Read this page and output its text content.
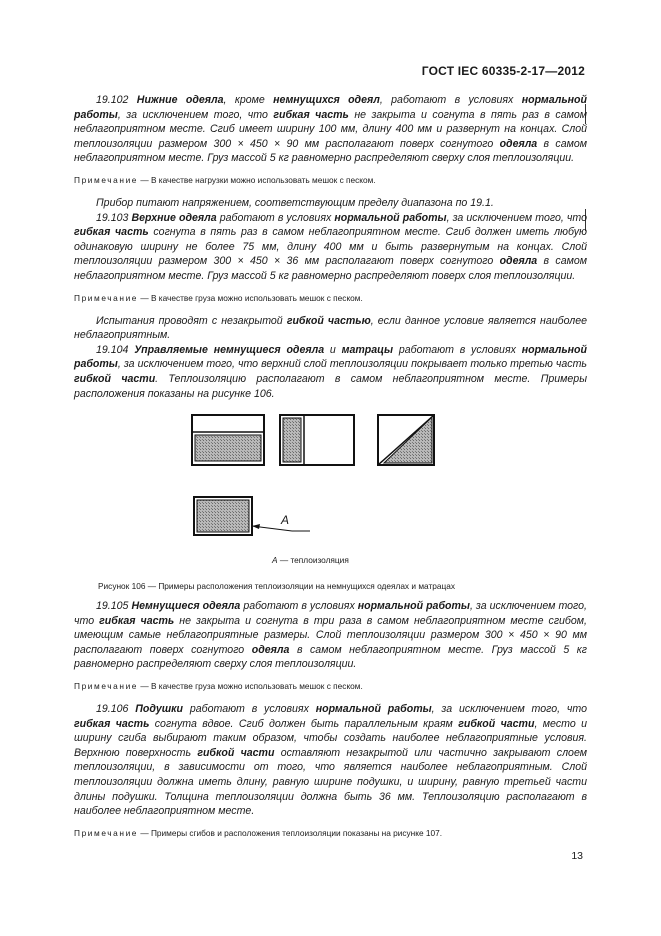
ГОСТ IEC 60335-2-17—2012

19.102 Нижние одеяла, кроме немнущихся одеял, работают в условиях нормальной работы, за исключением того, что гибкая часть не закрыта и согнута в пять раз в самом неблагоприятном месте. Сгиб имеет ширину 100 мм, длину 400 мм и развернут на концах. Слой теплоизоляции размером 300 × 450 × 90 мм располагают поверх согнутого одеяла в самом неблагоприятном месте. Груз массой 5 кг равномерно распределяют сверху слоя теплоизоляции.

Примечание — В качестве нагрузки можно использовать мешок с песком.

Прибор питают напряжением, соответствующим пределу диапазона по 19.1.

19.103 Верхние одеяла работают в условиях нормальной работы, за исключением того, что гибкая часть согнута в пять раз в самом неблагоприятном месте. Сгиб должен иметь любую одинаковую ширину не более 75 мм, длину 400 мм и быть развернутым на концах. Слой теплоизоляции размером 300 × 450 × 36 мм располагают поверх согнутого одеяла в самом неблагоприятном месте. Груз массой 5 кг равномерно распределяют поверх слоя теплоизоляции.

Примечание — В качестве груза можно использовать мешок с песком.

Испытания проводят с незакрытой гибкой частью, если данное условие является наиболее неблагоприятным.

19.104 Управляемые немнущиеся одеяла и матрацы работают в условиях нормальной работы, за исключением того, что верхний слой теплоизоляции покрывает только третью часть гибкой части. Теплоизоляцию располагают в самом неблагоприятном месте. Примеры расположения показаны на рисунке 106.

A
A — теплоизоляция
Рисунок 106 — Примеры расположения теплоизоляции на немнущихся одеялах и матрацах

19.105 Немнущиеся одеяла работают в условиях нормальной работы, за исключением того, что гибкая часть не закрыта и согнута в три раза в самом неблагоприятном месте сгибом, имеющим самые неблагоприятные размеры. Слой теплоизоляции размером 300 × 450 × 90 мм располагают поверх согнутого одеяла в самом неблагоприятном месте. Груз массой 5 кг равномерно распределяют сверху слоя теплоизоляции.

Примечание — В качестве груза можно использовать мешок с песком.

19.106 Подушки работают в условиях нормальной работы, за исключением того, что гибкая часть согнута вдвое. Сгиб должен быть параллельным краям гибкой части, место и ширину сгиба выбирают таким образом, чтобы создать наиболее неблагоприятные условия. Верхнюю поверхность гибкой части оставляют незакрытой или частично закрывают слоем теплоизоляции, в зависимости от того, что является наиболее неблагоприятным. Слой теплоизоляции должна иметь длину, равную ширине подушки, и ширину, равную третьей части длины подушки. Толщина теплоизоляции должна быть 36 мм. Теплоизоляцию располагают в наиболее неблагоприятном месте.

Примечание — Примеры сгибов и расположения теплоизоляции показаны на рисунке 107.

13
